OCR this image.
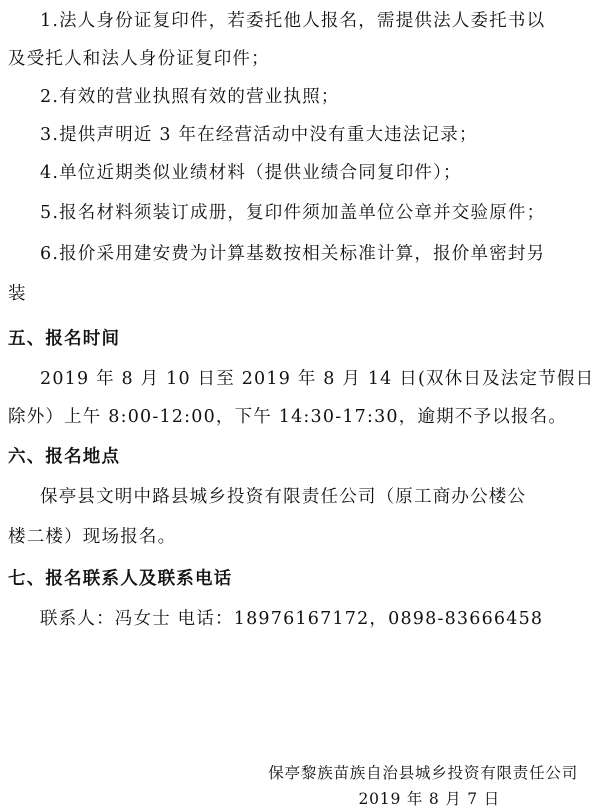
1.法人身份证复印件，若委托他人报名，需提供法人委托书以
及受托人和法人身份证复印件；
2.有效的营业执照有效的营业执照；
3.提供声明近 3 年在经营活动中没有重大违法记录；
4.单位近期类似业绩材料（提供业绩合同复印件）；
5.报名材料须装订成册，复印件须加盖单位公章并交验原件；
6.报价采用建安费为计算基数按相关标准计算，报价单密封另
装
五、报名时间
2019 年 8 月 10 日至 2019 年 8 月 14 日(双休日及法定节假日
除外）上午 8:00-12:00，下午 14:30-17:30，逾期不予以报名。
六、报名地点
保亭县文明中路县城乡投资有限责任公司（原工商办公楼公
楼二楼）现场报名。
七、报名联系人及联系电话
联系人：冯女士 电话：18976167172，0898-83666458
保亭黎族苗族自治县城乡投资有限责任公司
2019 年 8 月 7 日
